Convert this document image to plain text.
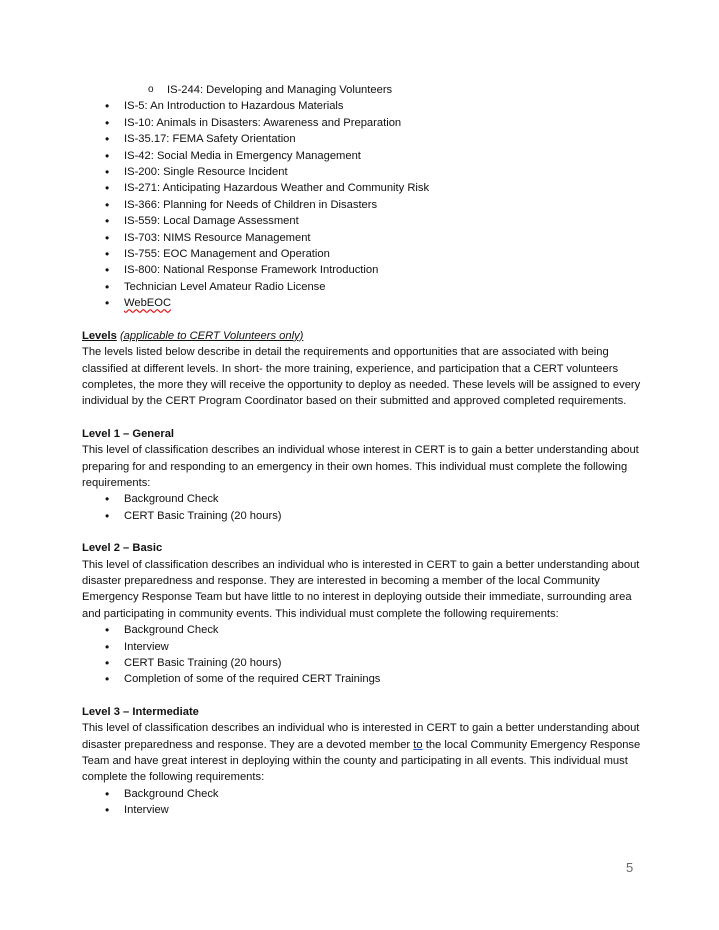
o IS-244: Developing and Managing Volunteers
• IS-5: An Introduction to Hazardous Materials
• IS-10: Animals in Disasters: Awareness and Preparation
• IS-35.17: FEMA Safety Orientation
• IS-42: Social Media in Emergency Management
• IS-200: Single Resource Incident
• IS-271: Anticipating Hazardous Weather and Community Risk
• IS-366: Planning for Needs of Children in Disasters
• IS-559: Local Damage Assessment
• IS-703: NIMS Resource Management
• IS-755: EOC Management and Operation
• IS-800: National Response Framework Introduction
• Technician Level Amateur Radio License
• WebEOC

Levels (applicable to CERT Volunteers only)

The levels listed below describe in detail the requirements and opportunities that are associated with being classified at different levels. In short- the more training, experience, and participation that a CERT volunteers completes, the more they will receive the opportunity to deploy as needed. These levels will be assigned to every individual by the CERT Program Coordinator based on their submitted and approved completed requirements.

Level 1 – General

This level of classification describes an individual whose interest in CERT is to gain a better understanding about preparing for and responding to an emergency in their own homes. This individual must complete the following requirements:

• Background Check
• CERT Basic Training (20 hours)

Level 2 – Basic

This level of classification describes an individual who is interested in CERT to gain a better understanding about disaster preparedness and response. They are interested in becoming a member of the local Community Emergency Response Team but have little to no interest in deploying outside their immediate, surrounding area and participating in community events. This individual must complete the following requirements:

• Background Check
• Interview
• CERT Basic Training (20 hours)
• Completion of some of the required CERT Trainings

Level 3 – Intermediate

This level of classification describes an individual who is interested in CERT to gain a better understanding about disaster preparedness and response. They are a devoted member to the local Community Emergency Response Team and have great interest in deploying within the county and participating in all events. This individual must complete the following requirements:

• Background Check
• Interview
5
